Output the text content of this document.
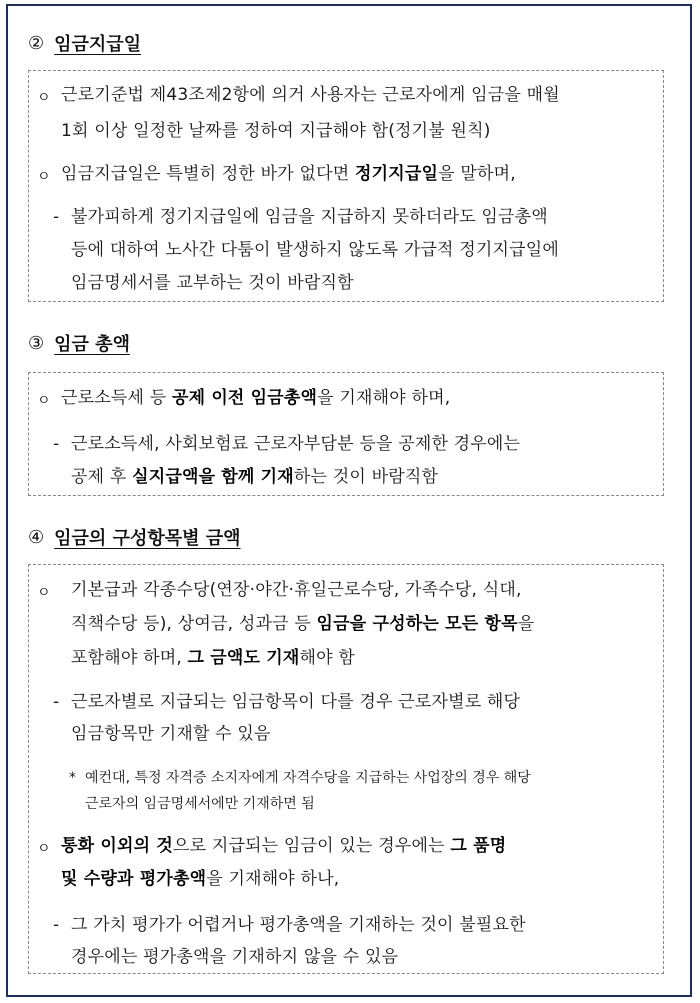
② 임금지급일
ㅇ 근로기준법 제43조제2항에 의거 사용자는 근로자에게 임금을 매월
1회 이상 일정한 날짜를 정하여 지급해야 함(정기불 원칙)
ㅇ 임금지급일은 특별히 정한 바가 없다면 정기지급일을 말하며,
- 불가피하게 정기지급일에 임금을 지급하지 못하더라도 임금총액
등에 대하여 노사간 다툼이 발생하지 않도록 가급적 정기지급일에
임금명세서를 교부하는 것이 바람직함
③ 임금 총액
ㅇ 근로소득세 등 공제 이전 임금총액을 기재해야 하며,
- 근로소득세, 사회보험료 근로자부담분 등을 공제한 경우에는
공제 후 실지급액을 함께 기재하는 것이 바람직함
④ 임금의 구성항목별 금액
ㅇ 기본급과 각종수당(연장·야간·휴일근로수당, 가족수당, 식대,
직책수당 등), 상여금, 성과금 등 임금을 구성하는 모든 항목을
포함해야 하며, 그 금액도 기재해야 함
- 근로자별로 지급되는 임금항목이 다를 경우 근로자별로 해당
임금항목만 기재할 수 있음
* 예컨대, 특정 자격증 소지자에게 자격수당을 지급하는 사업장의 경우 해당
근로자의 임금명세서에만 기재하면 됨
ㅇ 통화 이외의 것으로 지급되는 임금이 있는 경우에는 그 품명
및 수량과 평가총액을 기재해야 하나,
- 그 가치 평가가 어렵거나 평가총액을 기재하는 것이 불필요한
경우에는 평가총액을 기재하지 않을 수 있음
